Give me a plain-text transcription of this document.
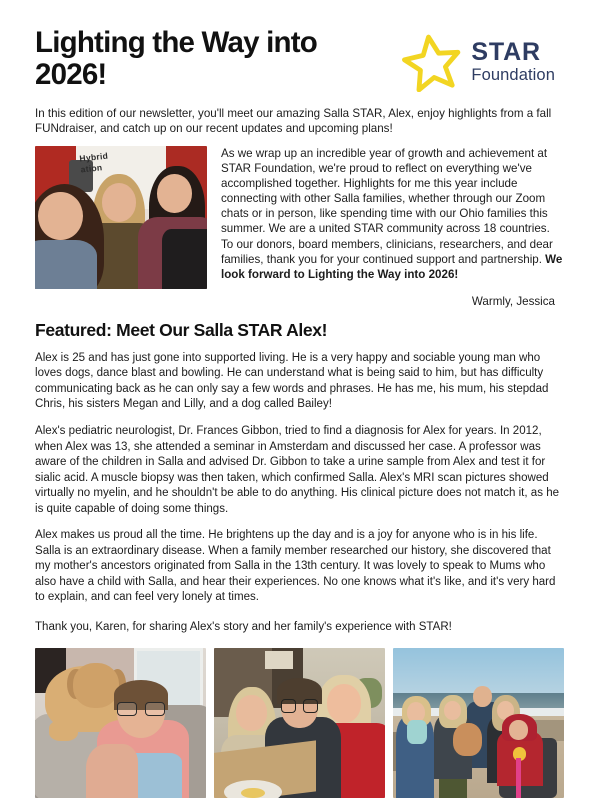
Lighting the Way into 2026!
STAR
Foundation

In this edition of our newsletter, you'll meet our amazing Salla STAR, Alex, enjoy highlights from a fall FUNdraiser, and catch up on our recent updates and upcoming plans!

Hybrid
ation

As we wrap up an incredible year of growth and achievement at STAR Foundation, we're proud to reflect on everything we've accomplished together. Highlights for me this year include connecting with other Salla families, whether through our Zoom chats or in person, like spending time with our Ohio families this summer. We are a united STAR community across 18 countries. To our donors, board members, clinicians, researchers, and dear families, thank you for your continued support and partnership. We look forward to Lighting the Way into 2026!

Warmly, Jessica

Featured: Meet Our Salla STAR Alex!

Alex is 25 and has just gone into supported living. He is a very happy and sociable young man who loves dogs, dance blast and bowling. He can understand what is being said to him, but has difficulty communicating back as he can only say a few words and phrases. He has me, his mum, his stepdad Chris, his sisters Megan and Lilly, and a dog called Bailey!

Alex's pediatric neurologist, Dr. Frances Gibbon, tried to find a diagnosis for Alex for years. In 2012, when Alex was 13, she attended a seminar in Amsterdam and discussed her case. A professor was aware of the children in Salla and advised Dr. Gibbon to take a urine sample from Alex and test it for sialic acid. A muscle biopsy was then taken, which confirmed Salla. Alex's MRI scan pictures showed virtually no myelin, and he shouldn't be able to do anything. His clinical picture does not match it, as he is quite capable of doing some things.

Alex makes us proud all the time. He brightens up the day and is a joy for anyone who is in his life. Salla is an extraordinary disease. When a family member researched our history, she discovered that my mother's ancestors originated from Salla in the 13th century. It was lovely to speak to Mums who also have a child with Salla, and hear their experiences. No one knows what it's like, and it's very hard to explain, and can feel very lonely at times.

Thank you, Karen, for sharing Alex's story and her family's experience with STAR!
